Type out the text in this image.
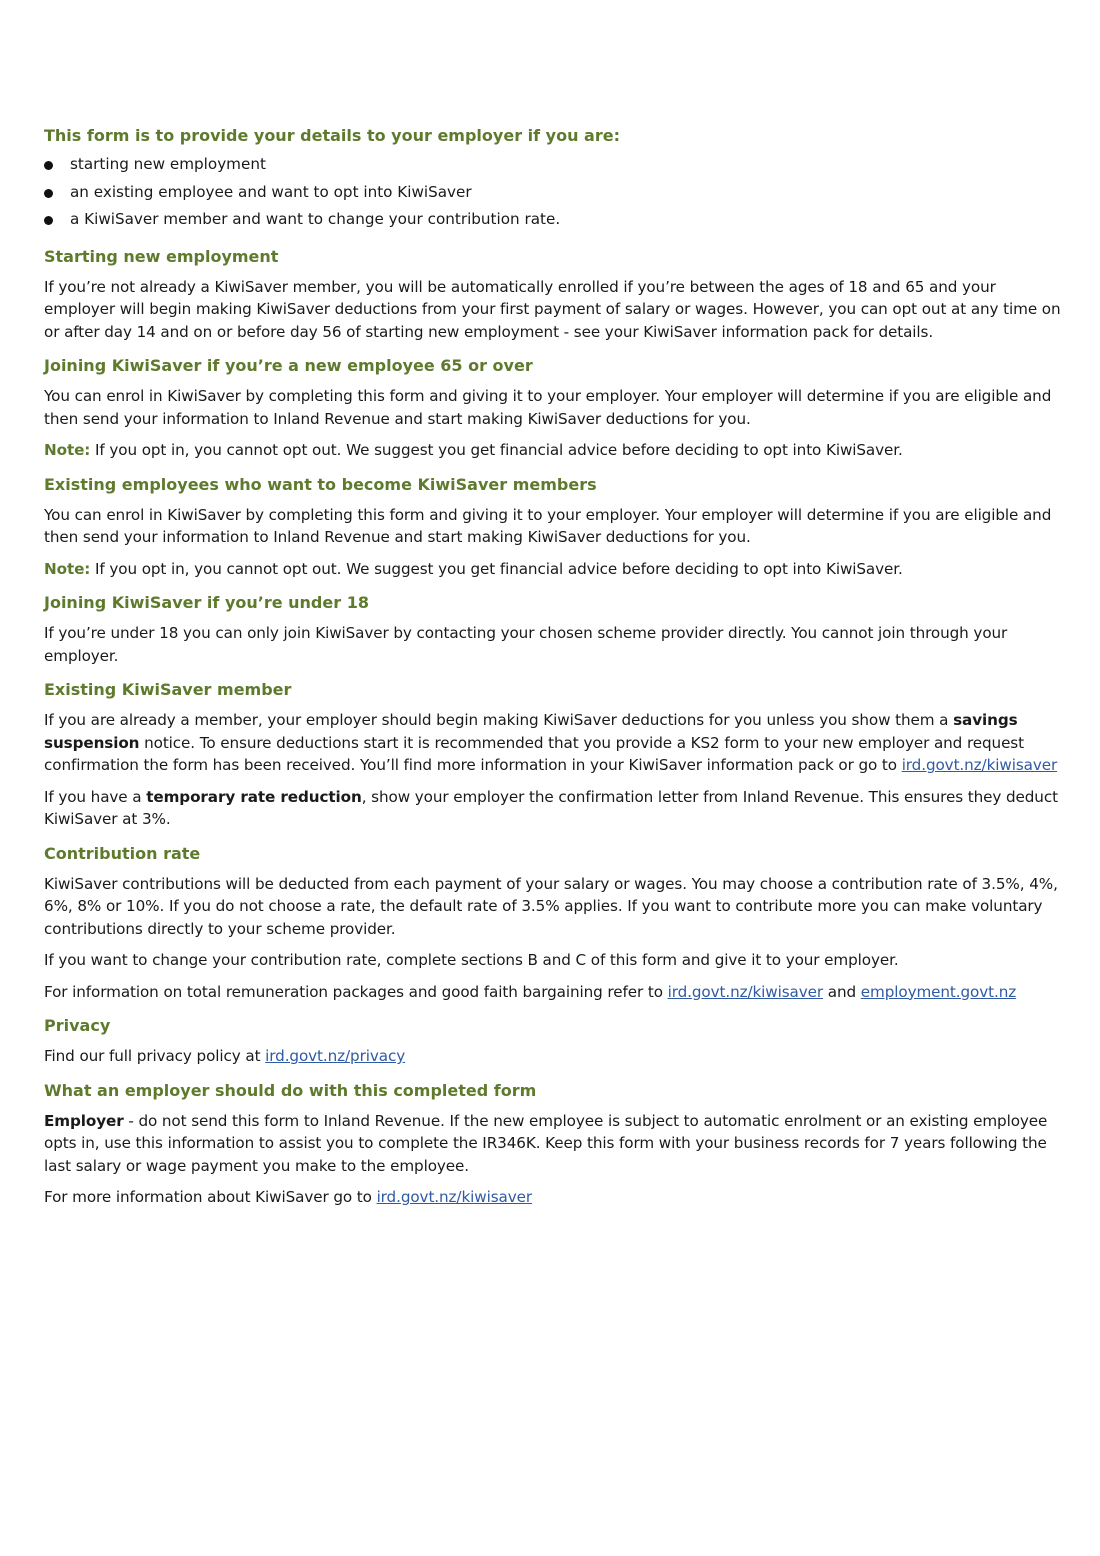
This form is to provide your details to your employer if you are:
starting new employment
an existing employee and want to opt into KiwiSaver
a KiwiSaver member and want to change your contribution rate.
Starting new employment

If you’re not already a KiwiSaver member, you will be automatically enrolled if you’re between the ages of 18 and 65 and your employer will begin making KiwiSaver deductions from your first payment of salary or wages. However, you can opt out at any time on or after day 14 and on or before day 56 of starting new employment - see your KiwiSaver information pack for details.

Joining KiwiSaver if you’re a new employee 65 or over

You can enrol in KiwiSaver by completing this form and giving it to your employer. Your employer will determine if you are eligible and then send your information to Inland Revenue and start making KiwiSaver deductions for you.

Note: If you opt in, you cannot opt out. We suggest you get financial advice before deciding to opt into KiwiSaver.

Existing employees who want to become KiwiSaver members

You can enrol in KiwiSaver by completing this form and giving it to your employer. Your employer will determine if you are eligible and then send your information to Inland Revenue and start making KiwiSaver deductions for you.

Note: If you opt in, you cannot opt out. We suggest you get financial advice before deciding to opt into KiwiSaver.

Joining KiwiSaver if you’re under 18

If you’re under 18 you can only join KiwiSaver by contacting your chosen scheme provider directly. You cannot join through your employer.

Existing KiwiSaver member

If you are already a member, your employer should begin making KiwiSaver deductions for you unless you show them a savings suspension notice. To ensure deductions start it is recommended that you provide a KS2 form to your new employer and request confirmation the form has been received. You’ll find more information in your KiwiSaver information pack or go to ird.govt.nz/kiwisaver

If you have a temporary rate reduction, show your employer the confirmation letter from Inland Revenue. This ensures they deduct KiwiSaver at 3%.

Contribution rate

KiwiSaver contributions will be deducted from each payment of your salary or wages. You may choose a contribution rate of 3.5%, 4%, 6%, 8% or 10%. If you do not choose a rate, the default rate of 3.5% applies. If you want to contribute more you can make voluntary contributions directly to your scheme provider.

If you want to change your contribution rate, complete sections B and C of this form and give it to your employer.

For information on total remuneration packages and good faith bargaining refer to ird.govt.nz/kiwisaver and employment.govt.nz

Privacy

Find our full privacy policy at ird.govt.nz/privacy

What an employer should do with this completed form

Employer - do not send this form to Inland Revenue. If the new employee is subject to automatic enrolment or an existing employee opts in, use this information to assist you to complete the IR346K. Keep this form with your business records for 7 years following the last salary or wage payment you make to the employee.

For more information about KiwiSaver go to ird.govt.nz/kiwisaver
